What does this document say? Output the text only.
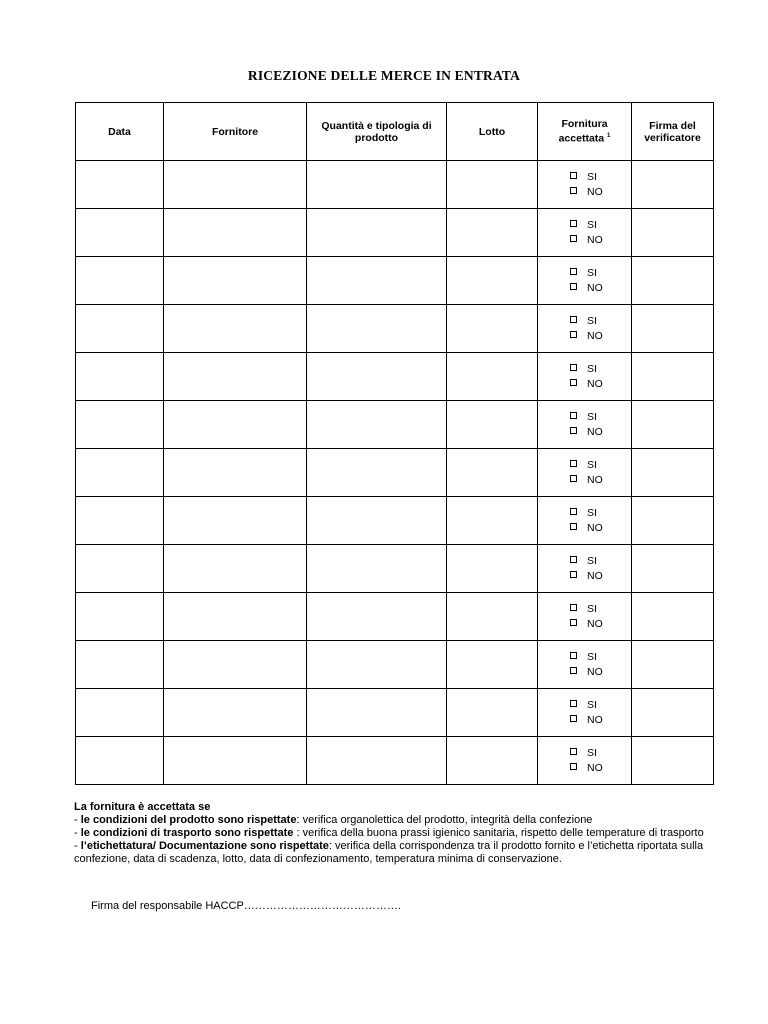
RICEZIONE DELLE MERCE IN ENTRATA
Data	Fornitore	Quantità e tipologia di prodotto	Lotto	Fornitura accettata $^1$	Firma del verificatore

				SI
NO	

				SI
NO	

				SI
NO	

				SI
NO	

				SI
NO	

				SI
NO	

				SI
NO	

				SI
NO	

				SI
NO	

				SI
NO	

				SI
NO	

				SI
NO	

				SI
NO	

La fornitura è accettata se
- le condizioni del prodotto sono rispettate: verifica organolettica del prodotto, integrità della confezione
- le condizioni di trasporto sono rispettate : verifica della buona prassi igienico sanitaria, rispetto delle temperature di trasporto
- l’etichettatura/ Documentazione sono rispettate: verifica della corrispondenza tra il prodotto fornito e l’etichetta riportata sulla confezione, data di scadenza, lotto, data di confezionamento, temperatura minima di conservazione.
Firma del responsabile HACCP…………………………………….
